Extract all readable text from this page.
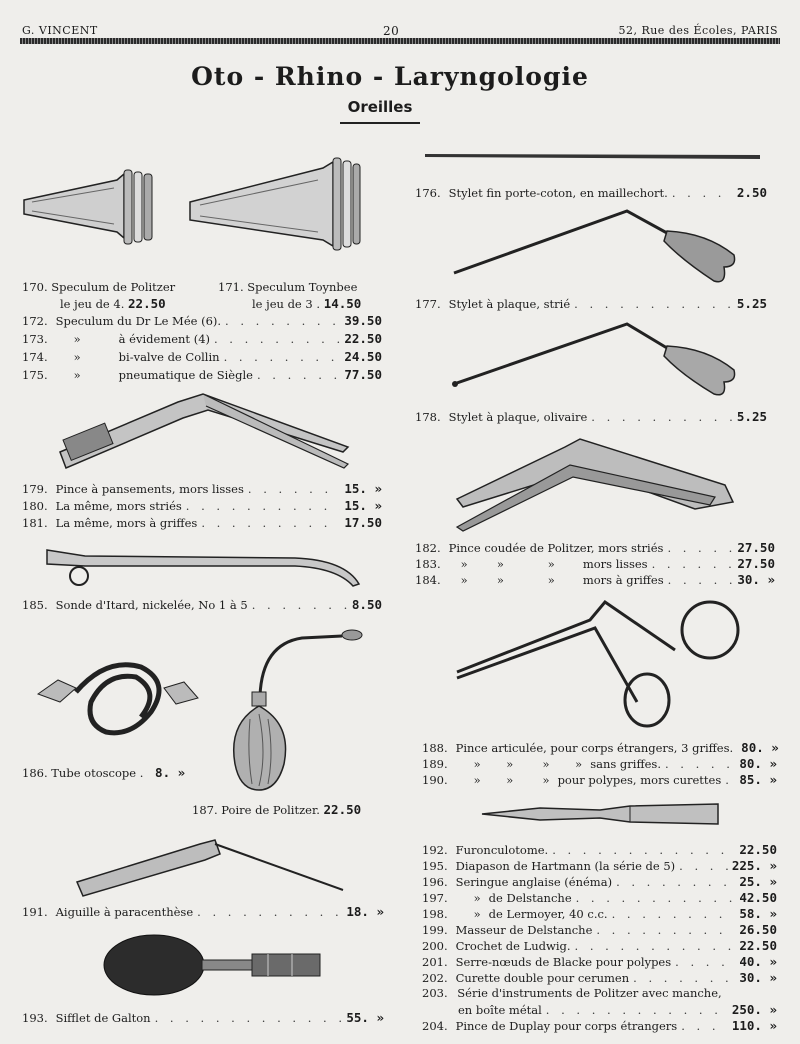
G. VINCENT	20	52, Rue des Écoles, PARIS
Oto - Rhino - Laryngologie
Oreilles
170. Speculum de Politzer
le jeu de 4. 22.50
171. Speculum Toynbee
le jeu de 3 . 14.50
172. Speculum du Dr Le Mée (6). . . .	39.50
173.	»	à évidement (4) . . .	22.50
174.	»	bi-valve de Collin . . .	24.50
175.	»	pneumatique de Siègle . . .	77.50
179. Pince à pansements, mors lisses . . .	15. »
180. La même, mors striés . . .	15. »
181. La même, mors à griffes . . .	17.50
185. Sonde d'Itard, nickelée, No 1 à 5 . . .	8.50
186. Tube otoscope . 8. »
187. Poire de Politzer. 22.50
191. Aiguille à paracenthèse . . .	18. »
193. Sifflet de Galton . . .	55. »
176. Stylet fin porte-coton, en maillechort. . . .	2.50
177. Stylet à plaque, strié . . .	5.25
178. Stylet à plaque, olivaire . . .	5.25
182. Pince coudée de Politzer, mors striés . . .	27.50
183.	»        »            »	mors lisses . . .	27.50
184.	»        »            »	mors à griffes . . .	30. »
188. Pince articulée, pour corps étrangers, 3 griffes. 80. »
189.	»       »        »       » sans griffes. . . .	80. »
190.	»       »        » pour polypes, mors curettes . . . 85. »
192. Furonculotome. . . .	22.50
195. Diapason de Hartmann (la série de 5) . . .	225. »
196. Seringue anglaise (énéma) . . .	25. »
197.	» de Delstanche . . .	42.50
198.	» de Lermoyer, 40 c.c. . . .	58. »
199. Masseur de Delstanche . . .	26.50
200. Crochet de Ludwig. . . .	22.50
201. Serre-nœuds de Blacke pour polypes . . .	40. »
202. Curette double pour cerumen . . .	30. »
203. Série d'instruments de Politzer avec manche,
en boîte métal . . .	250. »
204. Pince de Duplay pour corps étrangers . . .	110. »
